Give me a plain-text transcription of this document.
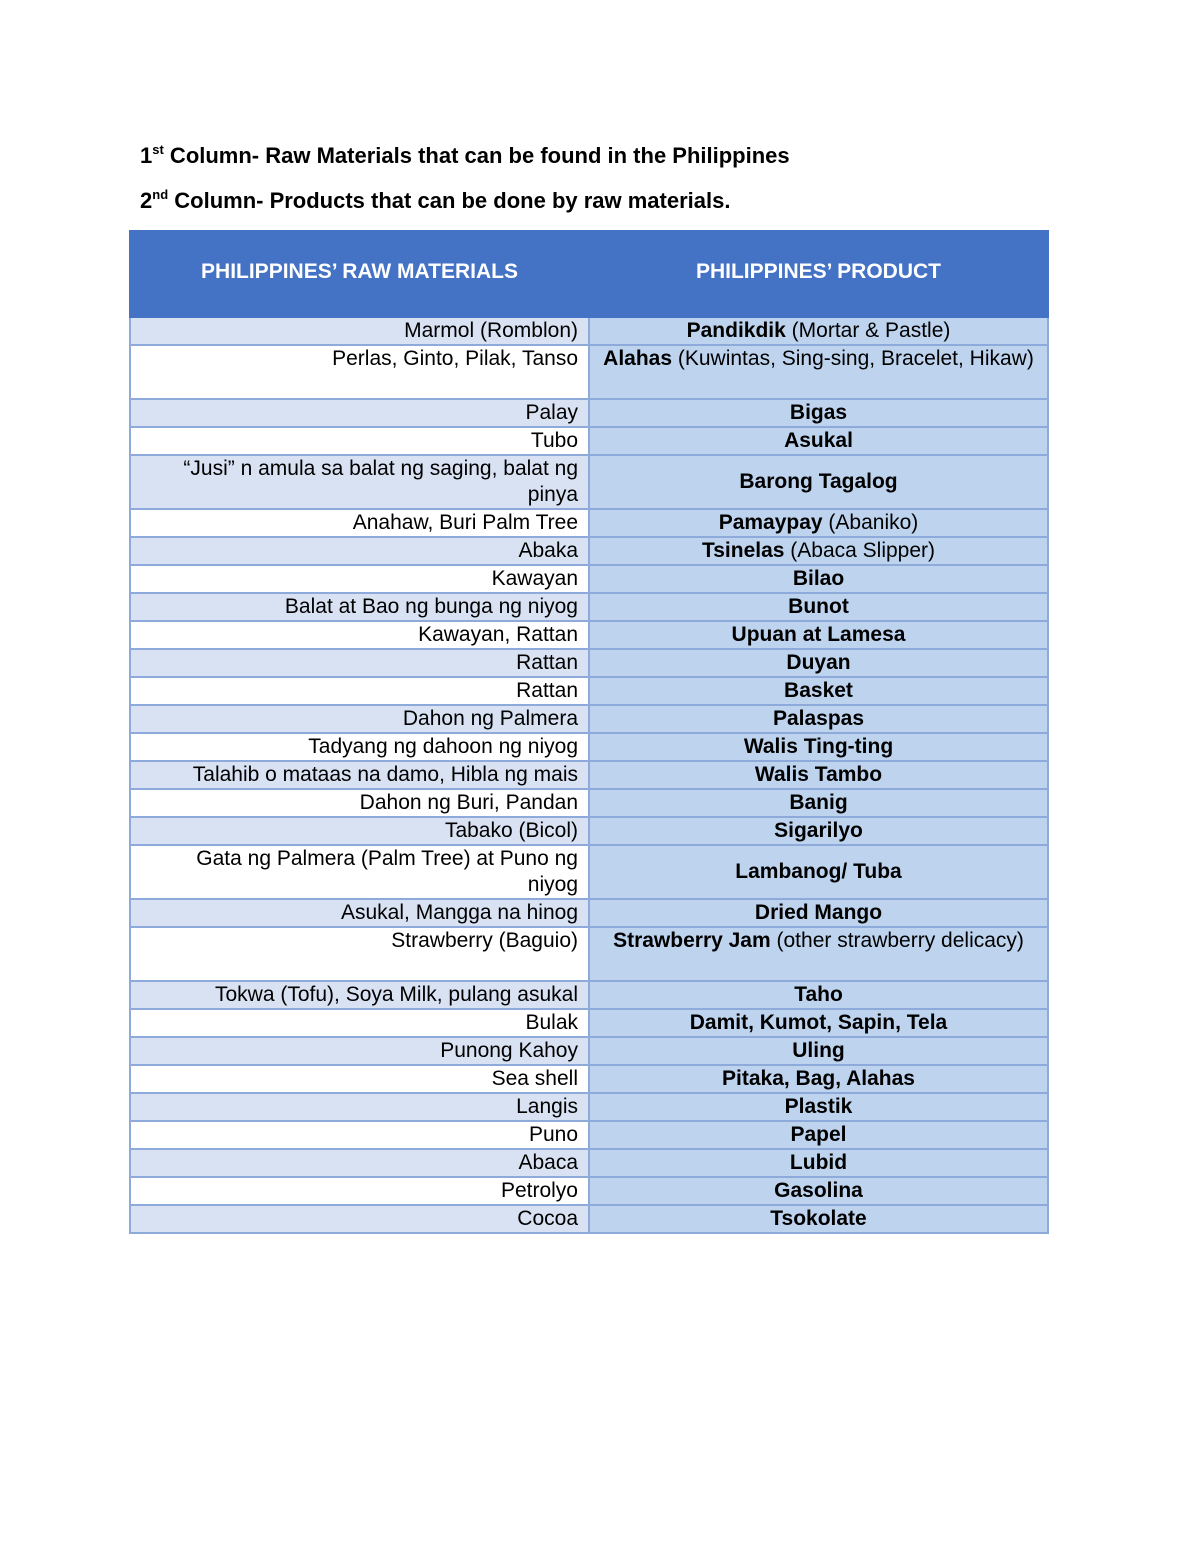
1st Column- Raw Materials that can be found in the Philippines
2nd Column- Products that can be done by raw materials.
PHILIPPINES’ RAW MATERIALS	PHILIPPINES’ PRODUCT
Marmol (Romblon)	Pandikdik (Mortar & Pastle)
Perlas, Ginto, Pilak, Tanso	Alahas (Kuwintas, Sing-sing, Bracelet, Hikaw)
Palay	Bigas
Tubo	Asukal
“Jusi” n amula sa balat ng saging, balat ng pinya	Barong Tagalog
Anahaw, Buri Palm Tree	Pamaypay (Abaniko)
Abaka	Tsinelas (Abaca Slipper)
Kawayan	Bilao
Balat at Bao ng bunga ng niyog	Bunot
Kawayan, Rattan	Upuan at Lamesa
Rattan	Duyan
Rattan	Basket
Dahon ng Palmera	Palaspas
Tadyang ng dahoon ng niyog	Walis Ting-ting
Talahib o mataas na damo, Hibla ng mais	Walis Tambo
Dahon ng Buri, Pandan	Banig
Tabako (Bicol)	Sigarilyo
Gata ng Palmera (Palm Tree) at Puno ng niyog	Lambanog/ Tuba
Asukal, Mangga na hinog	Dried Mango
Strawberry (Baguio)	Strawberry Jam (other strawberry delicacy)
Tokwa (Tofu), Soya Milk, pulang asukal	Taho
Bulak	Damit, Kumot, Sapin, Tela
Punong Kahoy	Uling
Sea shell	Pitaka, Bag, Alahas
Langis	Plastik
Puno	Papel
Abaca	Lubid
Petrolyo	Gasolina
Cocoa	Tsokolate
